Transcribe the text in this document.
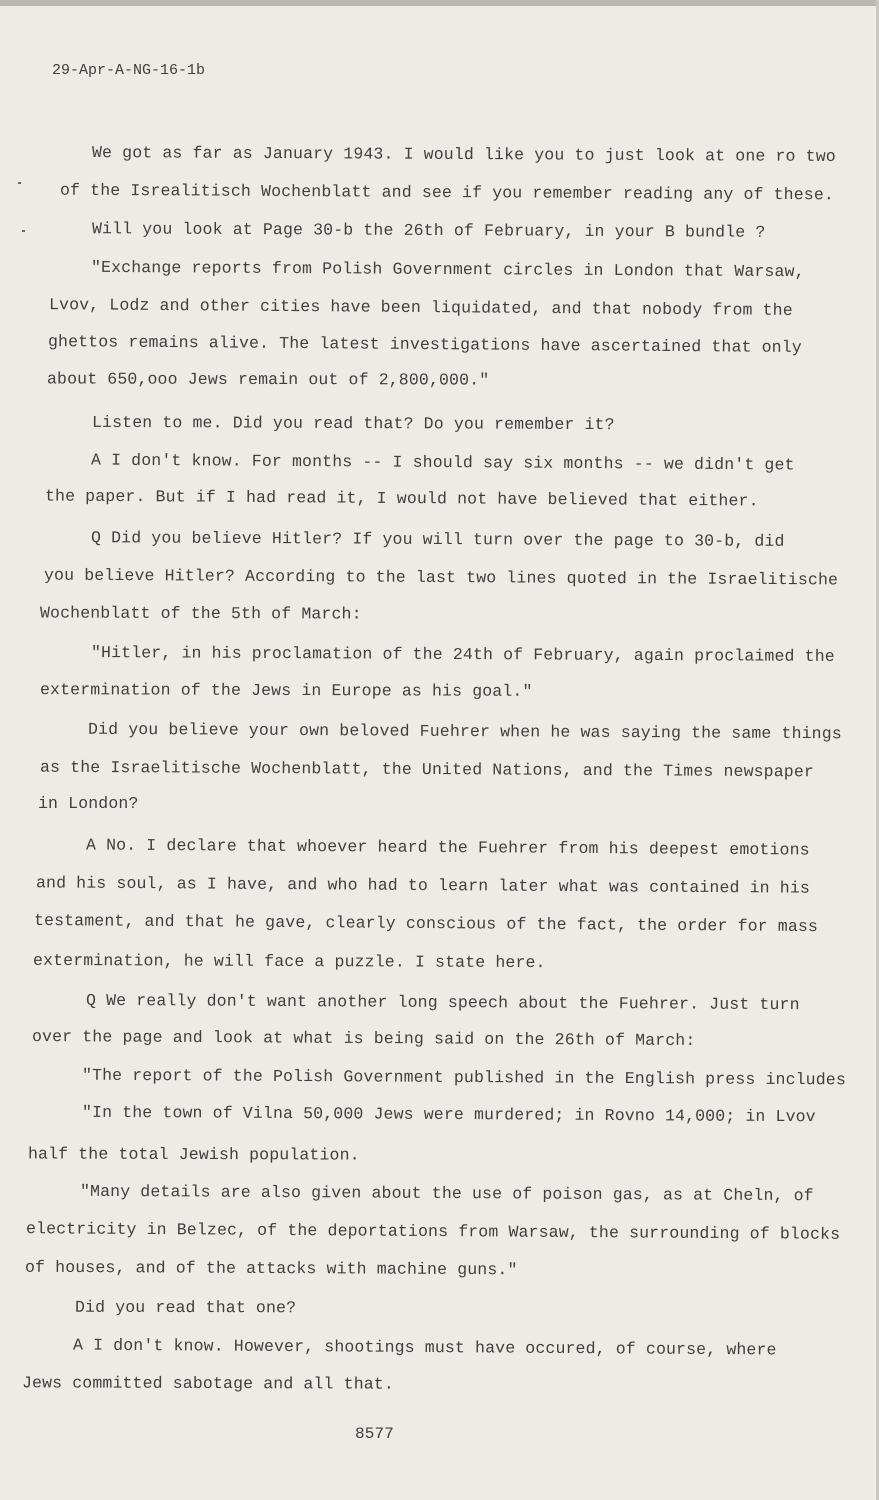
29-Apr-A-NG-16-1b
We got as far as January 1943. I would like you to just look at one ro two
of the Isrealitisch Wochenblatt and see if you remember reading any of these.
Will you look at Page 30-b the 26th of February, in your B bundle ?
"Exchange reports from Polish Government circles in London that Warsaw,
Lvov, Lodz and other cities have been liquidated, and that nobody from the
ghettos remains alive. The latest investigations have ascertained that only
about 650,ooo Jews remain out of 2,800,000."
Listen to me. Did you read that? Do you remember it?
A I don't know. For months -- I should say six months -- we didn't get
the paper. But if I had read it, I would not have believed that either.
Q Did you believe Hitler? If you will turn over the page to 30-b, did
you believe Hitler? According to the last two lines quoted in the Israelitische
Wochenblatt of the 5th of March:
"Hitler, in his proclamation of the 24th of February, again proclaimed the
extermination of the Jews in Europe as his goal."
Did you believe your own beloved Fuehrer when he was saying the same things
as the Israelitische Wochenblatt, the United Nations, and the Times newspaper
in London?
A No. I declare that whoever heard the Fuehrer from his deepest emotions
and his soul, as I have, and who had to learn later what was contained in his
testament, and that he gave, clearly conscious of the fact, the order for mass
extermination, he will face a puzzle. I state here.
Q We really don't want another long speech about the Fuehrer. Just turn
over the page and look at what is being said on the 26th of March:
"The report of the Polish Government published in the English press includes
"In the town of Vilna 50,000 Jews were murdered; in Rovno 14,000; in Lvov
half the total Jewish population.
"Many details are also given about the use of poison gas, as at Cheln, of
electricity in Belzec, of the deportations from Warsaw, the surrounding of blocks
of houses, and of the attacks with machine guns."
Did you read that one?
A I don't know. However, shootings must have occured, of course, where
Jews committed sabotage and all that.
8577
